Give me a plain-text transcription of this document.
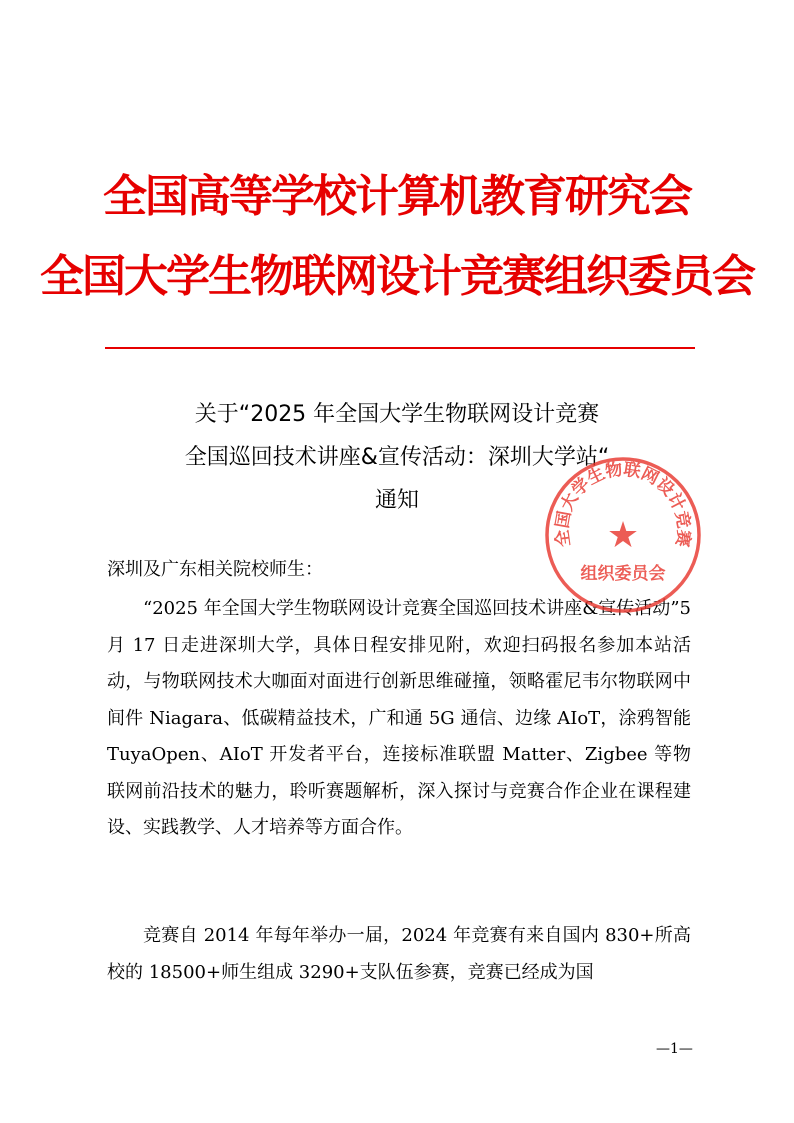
全国高等学校计算机教育研究会
全国大学生物联网设计竞赛组织委员会
关于“2025 年全国大学生物联网设计竞赛
全国巡回技术讲座&宣传活动：深圳大学站“
通知
深圳及广东相关院校师生：
“2025 年全国大学生物联网设计竞赛全国巡回技术讲座&宣传活动”5 月 17 日走进深圳大学，具体日程安排见附，欢迎扫码报名参加本站活动，与物联网技术大咖面对面进行创新思维碰撞，领略霍尼韦尔物联网中间件 Niagara、低碳精益技术，广和通 5G 通信、边缘 AIoT，涂鸦智能 TuyaOpen、AIoT 开发者平台，连接标准联盟 Matter、Zigbee 等物联网前沿技术的魅力，聆听赛题解析，深入探讨与竞赛合作企业在课程建设、实践教学、人才培养等方面合作。
竞赛自 2014 年每年举办一届，2024 年竞赛有来自国内 830+所高校的 18500+师生组成 3290+支队伍参赛，竞赛已经成为国
全国大学生物联网设计竞赛
★
组织委员会
—1—
